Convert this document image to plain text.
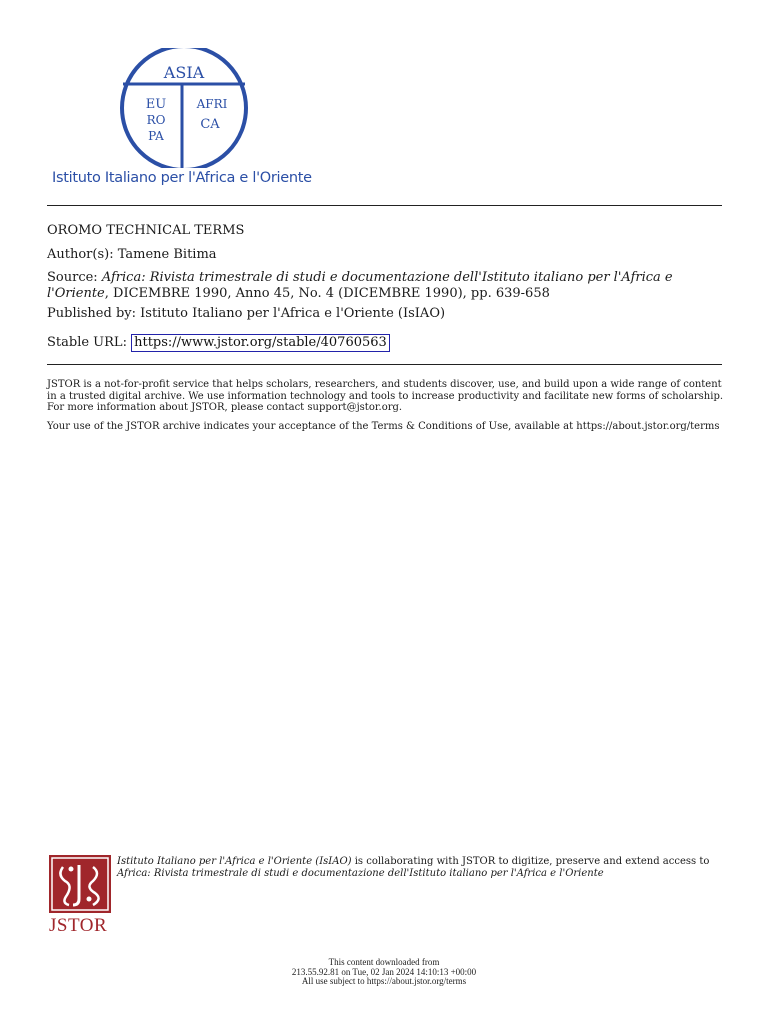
ASIA
EU
RO
PA
AFRI
CA
Istituto Italiano per l'Africa e l'Oriente
OROMO TECHNICAL TERMS
Author(s): Tamene Bitima
Source: Africa: Rivista trimestrale di studi e documentazione dell'Istituto italiano per l'Africa e l'Oriente, DICEMBRE 1990, Anno 45, No. 4 (DICEMBRE 1990), pp. 639-658
Published by: Istituto Italiano per l'Africa e l'Oriente (IsIAO)
Stable URL: https://www.jstor.org/stable/40760563
JSTOR is a not-for-profit service that helps scholars, researchers, and students discover, use, and build upon a wide range of content in a trusted digital archive. We use information technology and tools to increase productivity and facilitate new forms of scholarship. For more information about JSTOR, please contact support@jstor.org.
Your use of the JSTOR archive indicates your acceptance of the Terms & Conditions of Use, available at https://about.jstor.org/terms
JSTOR
Istituto Italiano per l'Africa e l'Oriente (IsIAO) is collaborating with JSTOR to digitize, preserve and extend access to Africa: Rivista trimestrale di studi e documentazione dell'Istituto italiano per l'Africa e l'Oriente
This content downloaded from
213.55.92.81 on Tue, 02 Jan 2024 14:10:13 +00:00
All use subject to https://about.jstor.org/terms
